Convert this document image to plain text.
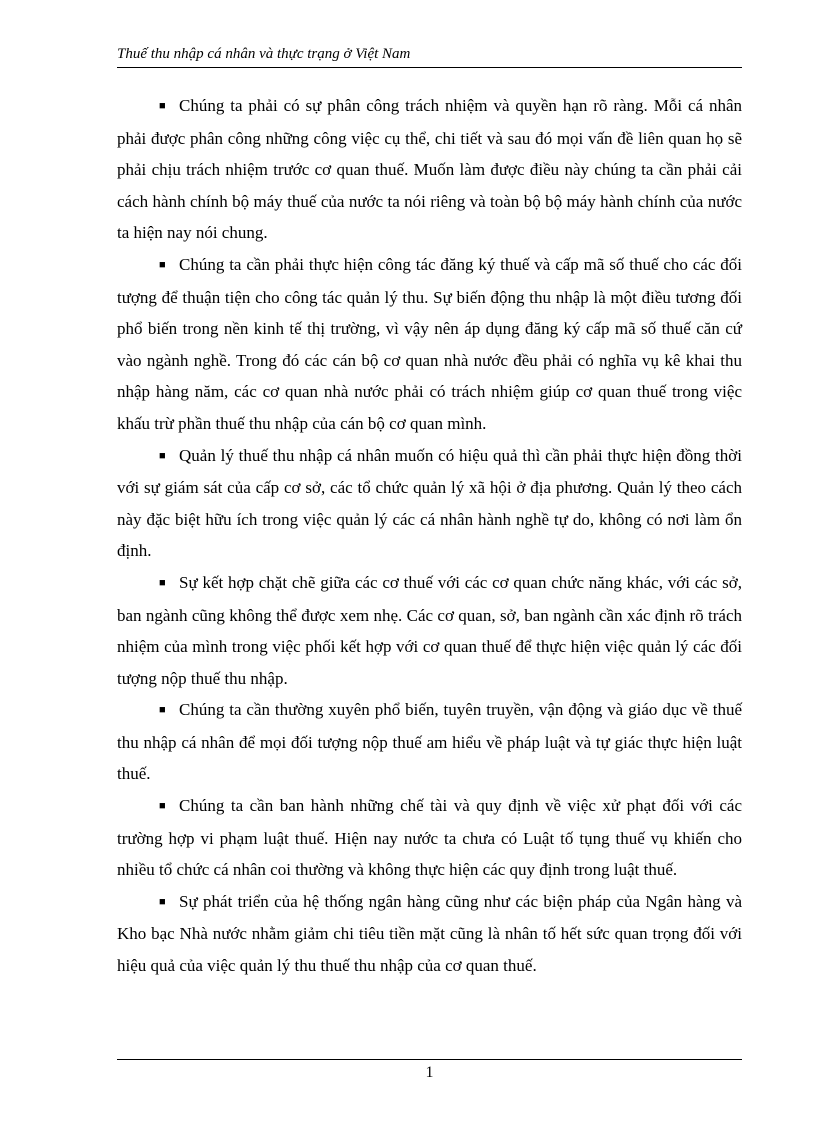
Thuế thu nhập cá nhân và thực trạng ở Việt Nam

■ Chúng ta phải có sự phân công trách nhiệm và quyền hạn rõ ràng. Mỗi cá nhân phải được phân công những công việc cụ thể, chi tiết và sau đó mọi vấn đề liên quan họ sẽ phải chịu trách nhiệm trước cơ quan thuế. Muốn làm được điều này chúng ta cần phải cải cách hành chính bộ máy thuế của nước ta nói riêng và toàn bộ bộ máy hành chính của nước ta hiện nay nói chung.

■ Chúng ta cần phải thực hiện công tác đăng ký thuế và cấp mã số thuế cho các đối tượng để thuận tiện cho công tác quản lý thu. Sự biến động thu nhập là một điều tương đối phổ biến trong nền kinh tế thị trường, vì vậy nên áp dụng đăng ký cấp mã số thuế căn cứ vào ngành nghề. Trong đó các cán bộ cơ quan nhà nước đều phải có nghĩa vụ kê khai thu nhập hàng năm, các cơ quan nhà nước phải có trách nhiệm giúp cơ quan thuế trong việc khấu trừ phần thuế thu nhập của cán bộ cơ quan mình.

■ Quản lý thuế thu nhập cá nhân muốn có hiệu quả thì cần phải thực hiện đồng thời với sự giám sát của cấp cơ sở, các tổ chức quản lý xã hội ở địa phương. Quản lý theo cách này đặc biệt hữu ích trong việc quản lý các cá nhân hành nghề tự do, không có nơi làm ổn định.

■ Sự kết hợp chặt chẽ giữa các cơ thuế với các cơ quan chức năng khác, với các sở, ban ngành cũng không thể được xem nhẹ. Các cơ quan, sở, ban ngành cần xác định rõ trách nhiệm của mình trong việc phối kết hợp với cơ quan thuế để thực hiện việc quản lý các đối tượng nộp thuế thu nhập.

■ Chúng ta cần thường xuyên phổ biến, tuyên truyền, vận động và giáo dục về thuế thu nhập cá nhân để mọi đối tượng nộp thuế am hiểu về pháp luật và tự giác thực hiện luật thuế.

■ Chúng ta cần ban hành những chế tài và quy định về việc xử phạt đối với các trường hợp vi phạm luật thuế. Hiện nay nước ta chưa có Luật tố tụng thuế vụ khiến cho nhiều tổ chức cá nhân coi thường và không thực hiện các quy định trong luật thuế.

■ Sự phát triển của hệ thống ngân hàng cũng như các biện pháp của Ngân hàng và Kho bạc Nhà nước nhằm giảm chi tiêu tiền mặt cũng là nhân tố hết sức quan trọng đối với hiệu quả của việc quản lý thu thuế thu nhập của cơ quan thuế.

1
